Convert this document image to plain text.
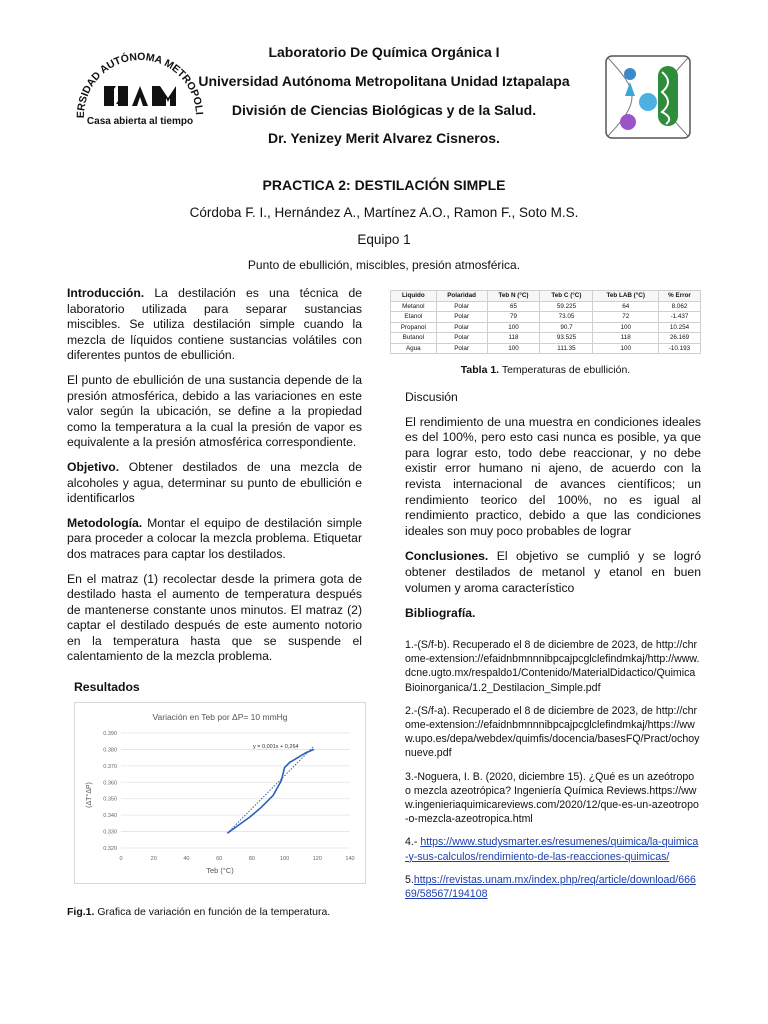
ERSIDAD AUTÓNOMA METROPOLI
Casa abierta al tiempo
Laboratorio De Química Orgánica I
Universidad Autónoma Metropolitana Unidad Iztapalapa
División de Ciencias Biológicas y de la Salud.
Dr. Yenizey Merit Alvarez Cisneros.
PRACTICA 2: DESTILACIÓN SIMPLE
Córdoba F. I., Hernández A., Martínez A.O., Ramon F., Soto M.S.
Equipo 1
Punto de ebullición, miscibles, presión atmosférica.

Introducción. La destilación es una técnica de laboratorio utilizada para separar sustancias miscibles. Se utiliza destilación simple cuando la mezcla de líquidos contiene sustancias volátiles con diferentes puntos de ebullición.

El punto de ebullición de una sustancia depende de la presión atmosférica, debido a las variaciones en este valor según la ubicación, se define a la propiedad como la temperatura a la cual la presión de vapor es equivalente a la presión atmosférica correspondiente.

Objetivo. Obtener destilados de una mezcla de alcoholes y agua, determinar su punto de ebullición e identificarlos

Metodología. Montar el equipo de destilación simple para proceder a colocar la mezcla problema. Etiquetar dos matraces para captar los destilados.

En el matraz (1) recolectar desde la primera gota de destilado hasta el aumento de temperatura después de mantenerse constante unos minutos. El matraz (2) captar el destilado después de este aumento notorio en la temperatura hasta que se suspende el calentamiento de la mezcla problema.

Resultados
Variación en Teb por ΔP= 10 mmHg
y = 0,001x + 0,264
Teb (°C)
(ΔT°ΔP)
0.320
0.330
0.340
0.350
0.360
0.370
0.380
0.390
0	20	40	60	80	100	120	140
Fig.1. Grafica de variación en función de la temperatura.
Liquido	Polaridad	Teb N (°C)	Teb C (°C)	Teb LAB (°C)	% Error
Metanol	Polar	65	59.225	64	8.062
Etanol	Polar	79	73.05	72	-1.437
Propanol	Polar	100	90.7	100	10.254
Butanol	Polar	118	93.525	118	26.169
Agua	Polar	100	111.35	100	-10.193
Tabla 1. Temperaturas de ebullición.

Discusión

El rendimiento de una muestra en condiciones ideales es del 100%, pero esto casi nunca es posible, ya que para lograr esto, todo debe reaccionar, y no debe existir error humano ni ajeno, de acuerdo con la revista internacional de avances científicos; un rendimiento teorico del 100%, no es igual al rendimiento practico, debido a que las condiciones ideales son muy poco probables de lograr

Conclusiones. El objetivo se cumplió y se logró obtener destilados de metanol y etanol en buen volumen y aroma característico

Bibliografía.

1.-(S/f-b). Recuperado el 8 de diciembre de 2023, de http://chrome-extension://efaidnbmnnnibpcajpcglclefindmkaj/http://www.dcne.ugto.mx/respaldo1/Contenido/MaterialDidactico/QuimicaBioinorganica/1.2_Destilacion_Simple.pdf

2.-(S/f-a). Recuperado el 8 de diciembre de 2023, de http://chrome-extension://efaidnbmnnnibpcajpcglclefindmkaj/https://www.upo.es/depa/webdex/quimfis/docencia/basesFQ/Pract/ochoynueve.pdf

3.-Noguera, I. B. (2020, diciembre 15). ¿Qué es un azeótropo o mezcla azeotrópica? Ingeniería Química Reviews.https://www.ingenieriaquimicareviews.com/2020/12/que-es-un-azeotropo-o-mezcla-azeotropica.html

4.- https://www.studysmarter.es/resumenes/quimica/la-quimica-y-sus-calculos/rendimiento-de-las-reacciones-quimicas/

5.https://revistas.unam.mx/index.php/req/article/download/66669/58567/194108
